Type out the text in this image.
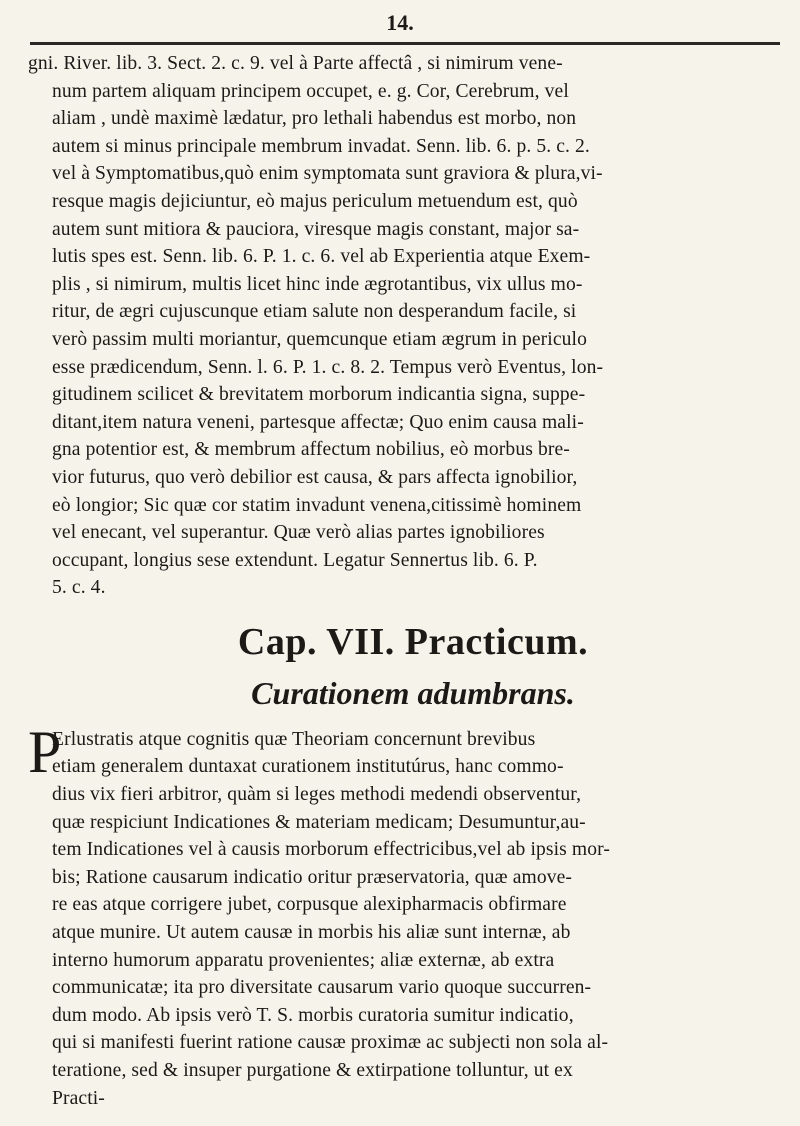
14.
gni. River. lib. 3. Sect. 2. c. 9. vel à Parte affectâ , si nimirum vene-
num partem aliquam principem occupet, e. g. Cor, Cerebrum, vel
aliam , undè maximè lædatur, pro lethali habendus est morbo, non
autem si minus principale membrum invadat. Senn. lib. 6. p. 5. c. 2.
vel à Symptomatibus,quò enim symptomata sunt graviora & plura,vi-
resque magis dejiciuntur, eò majus periculum metuendum est, quò
autem sunt mitiora & pauciora, viresque magis constant, major sa-
lutis spes est. Senn. lib. 6. P. 1. c. 6. vel ab Experientia atque Exem-
plis , si nimirum, multis licet hinc inde ægrotantibus, vix ullus mo-
ritur, de ægri cujuscunque etiam salute non desperandum facile, si
verò passim multi moriantur, quemcunque etiam ægrum in periculo
esse prædicendum, Senn. l. 6. P. 1. c. 8. 2. Tempus verò Eventus, lon-
gitudinem scilicet & brevitatem morborum indicantia signa, suppe-
ditant,item natura veneni, partesque affectæ; Quo enim causa mali-
gna potentior est, & membrum affectum nobilius, eò morbus bre-
vior futurus, quo verò debilior est causa, & pars affecta ignobilior,
eò longior; Sic quæ cor statim invadunt venena,citissimè hominem
vel enecant, vel superantur. Quæ verò alias partes ignobiliores
occupant, longius sese extendunt. Legatur Sennertus lib. 6. P.
5. c. 4.
Cap. VII. Practicum.
Curationem adumbrans.
P
Erlustratis atque cognitis quæ Theoriam concernunt brevibus
etiam generalem duntaxat curationem institutúrus, hanc commo-
dius vix fieri arbitror, quàm si leges methodi medendi observentur,
quæ respiciunt Indicationes & materiam medicam; Desumuntur,au-
tem Indicationes vel à causis morborum effectricibus,vel ab ipsis mor-
bis; Ratione causarum indicatio oritur præservatoria, quæ amove-
re eas atque corrigere jubet, corpusque alexipharmacis obfirmare
atque munire. Ut autem causæ in morbis his aliæ sunt internæ, ab
interno humorum apparatu provenientes; aliæ externæ, ab extra
communicatæ; ita pro diversitate causarum vario quoque succurren-
dum modo. Ab ipsis verò T. S. morbis curatoria sumitur indicatio,
qui si manifesti fuerint ratione causæ proximæ ac subjecti non sola al-
teratione, sed & insuper purgatione & extirpatione tolluntur, ut ex
Practi-
